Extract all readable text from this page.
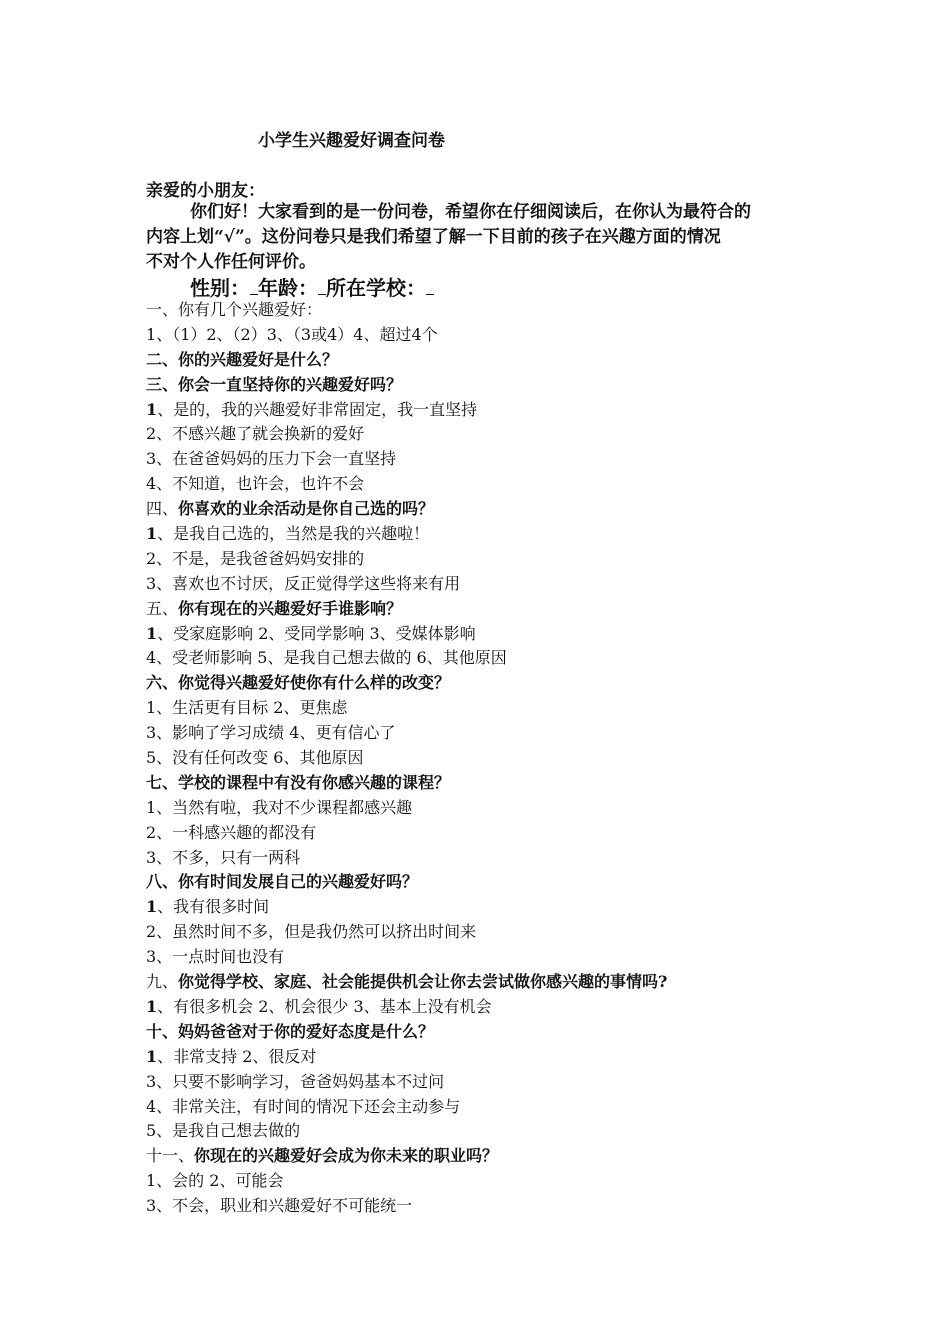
小学生兴趣爱好调查问卷
亲爱的小朋友：
你们好！大家看到的是一份问卷，希望你在仔细阅读后，在你认为最符合的
内容上划“√”。这份问卷只是我们希望了解一下目前的孩子在兴趣方面的情况
不对个人作任何评价。
性别： 年龄： 所在学校：
一、你有几个兴趣爱好：
1、（1）2、（2）3、（3或4）4、超过4个
二、你的兴趣爱好是什么？
三、你会一直坚持你的兴趣爱好吗？
1、是的，我的兴趣爱好非常固定，我一直坚持
2、不感兴趣了就会换新的爱好
3、在爸爸妈妈的压力下会一直坚持
4、不知道，也许会，也许不会
四、你喜欢的业余活动是你自己选的吗？
1、是我自己选的，当然是我的兴趣啦！
2、不是，是我爸爸妈妈安排的
3、喜欢也不讨厌，反正觉得学这些将来有用
五、你有现在的兴趣爱好手谁影响？
1、受家庭影响 2、受同学影响 3、受媒体影响
4、受老师影响 5、是我自己想去做的 6、其他原因
六、你觉得兴趣爱好使你有什么样的改变？
1、生活更有目标 2、更焦虑
3、影响了学习成绩 4、更有信心了
5、没有任何改变 6、其他原因
七、学校的课程中有没有你感兴趣的课程？
1、当然有啦，我对不少课程都感兴趣
2、一科感兴趣的都没有
3、不多，只有一两科
八、你有时间发展自己的兴趣爱好吗？
1、我有很多时间
2、虽然时间不多，但是我仍然可以挤出时间来
3、一点时间也没有
九、你觉得学校、家庭、社会能提供机会让你去尝试做你感兴趣的事情吗?
1、有很多机会 2、机会很少 3、基本上没有机会
十、妈妈爸爸对于你的爱好态度是什么？
1、非常支持 2、很反对
3、只要不影响学习，爸爸妈妈基本不过问
4、非常关注，有时间的情况下还会主动参与
5、是我自己想去做的
十一、你现在的兴趣爱好会成为你未来的职业吗？
1、会的 2、可能会
3、不会，职业和兴趣爱好不可能统一
